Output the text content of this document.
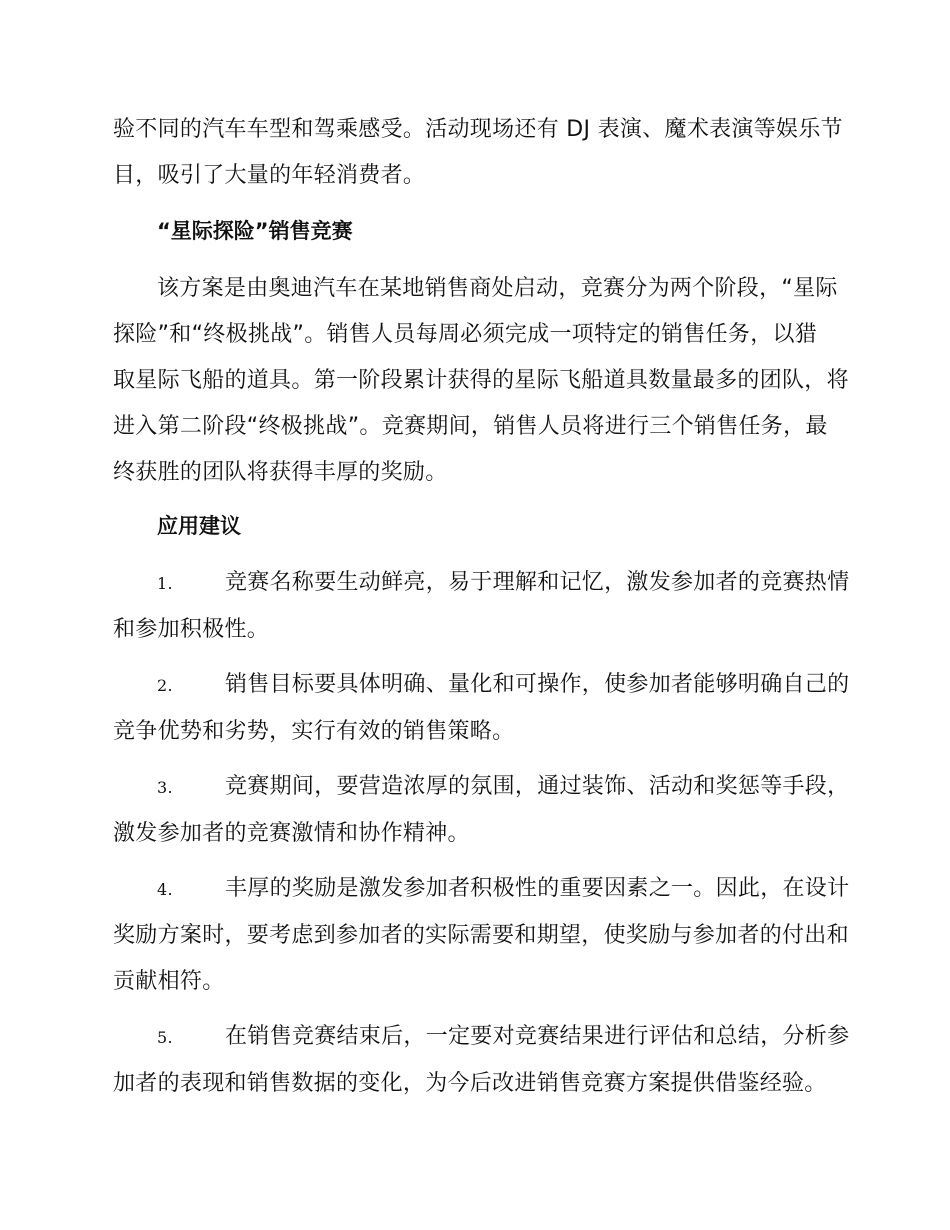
验不同的汽车车型和驾乘感受。活动现场还有 DJ 表演、魔术表演等娱乐节
目，吸引了大量的年轻消费者。

“星际探险”销售竞赛

该方案是由奥迪汽车在某地销售商处启动，竞赛分为两个阶段，“星际
探险”和“终极挑战”。销售人员每周必须完成一项特定的销售任务，以猎
取星际飞船的道具。第一阶段累计获得的星际飞船道具数量最多的团队，将
进入第二阶段“终极挑战”。竞赛期间，销售人员将进行三个销售任务，最
终获胜的团队将获得丰厚的奖励。

应用建议
1. 竞赛名称要生动鲜亮，易于理解和记忆，激发参加者的竞赛热情
和参加积极性。
2. 销售目标要具体明确、量化和可操作，使参加者能够明确自己的
竞争优势和劣势，实行有效的销售策略。
3. 竞赛期间，要营造浓厚的氛围，通过装饰、活动和奖惩等手段，
激发参加者的竞赛激情和协作精神。
4. 丰厚的奖励是激发参加者积极性的重要因素之一。因此，在设计
奖励方案时，要考虑到参加者的实际需要和期望，使奖励与参加者的付出和
贡献相符。
5. 在销售竞赛结束后，一定要对竞赛结果进行评估和总结，分析参
加者的表现和销售数据的变化，为今后改进销售竞赛方案提供借鉴经验。
